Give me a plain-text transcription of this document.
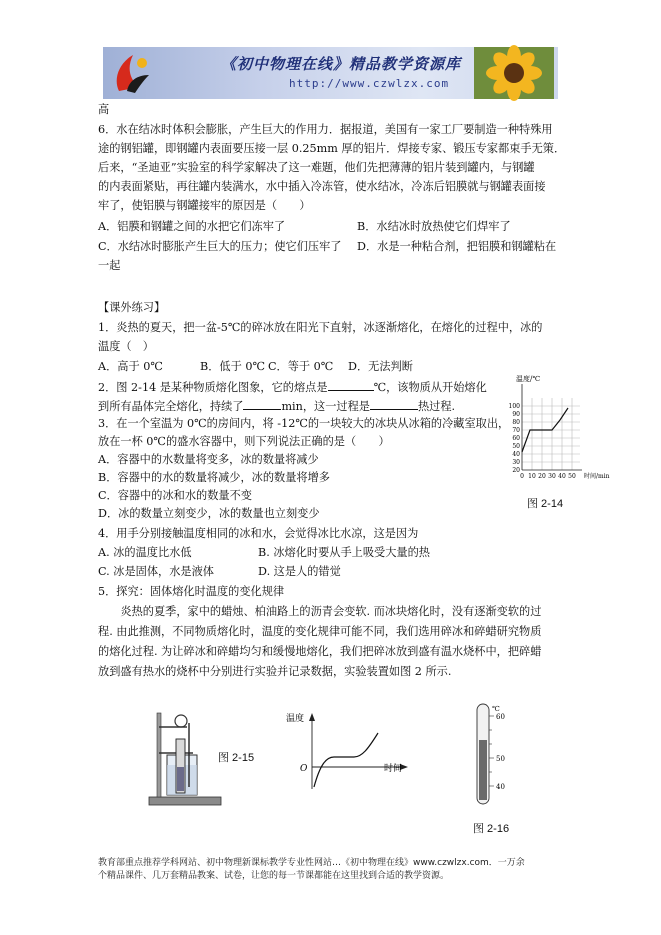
《初中物理在线》精品教学资源库
http://www.czwlzx.com
高
6．水在结冰时体积会膨胀，产生巨大的作用力．据报道，美国有一家工厂要制造一种特殊用
途的钢铝罐，即钢罐内表面要压接一层 0.25mm 厚的铝片．焊接专家、锻压专家都束手无策．
后来，“圣迪亚”实验室的科学家解决了这一难题，他们先把薄薄的铝片装到罐内，与钢罐
的内表面紧贴，再往罐内装满水，水中插入冷冻管，使水结冰，冷冻后铝膜就与钢罐表面接
牢了，使铝膜与钢罐接牢的原因是（　　）
A．铝膜和钢罐之间的水把它们冻牢了	B．水结冰时放热使它们焊牢了
C．水结冰时膨胀产生巨大的压力；使它们压牢了 D．水是一种粘合剂，把铝膜和钢罐粘在
一起
【课外练习】
1．炎热的夏天，把一盆-5℃的碎冰放在阳光下直射，冰逐渐熔化，在熔化的过程中，冰的
温度（　）
A．高于 0℃	B．低于 0℃ C．等于 0℃ D．无法判断
2．图 2-14 是某种物质熔化图象，它的熔点是	℃，该物质从开始熔化
到所有晶体完全熔化，持续了	min，这一过程是	热过程.
3．在一个室温为 0℃的房间内，将 -12℃的一块较大的冰块从冰箱的冷藏室取出，
放在一杯 0℃的盛水容器中，则下列说法正确的是（　　）
A．容器中的水数量将变多，冰的数量将减少
B．容器中的水的数量将减少，冰的数量将增多
C．容器中的冰和水的数量不变
D．冰的数量立刻变少，冰的数量也立刻变少
4．用手分别接触温度相同的冰和水，会觉得冰比水凉，这是因为
A. 冰的温度比水低	B. 冰熔化时要从手上吸受大量的热
C. 冰是固体，水是液体	D. 这是人的错觉
5．探究：固体熔化时温度的变化规律
　　炎热的夏季，家中的蜡烛、柏油路上的沥青会变软. 而冰块熔化时，没有逐渐变软的过
程. 由此推测，不同物质熔化时，温度的变化规律可能不同，我们选用碎冰和碎蜡研究物质
的熔化过程. 为让碎冰和碎蜡均匀和缓慢地熔化，我们把碎冰放到盛有温水烧杯中，把碎蜡
放到盛有热水的烧杯中分别进行实验并记录数据，实验装置如图 2 所示.
温度/℃
100
90
80
70
60
50
40
30
20
0 10 20 30 40 50 时间/min
图 2-14
图 2-15
温度
O	时间
℃
60
50
40
图 2-16
教育部重点推荐学科网站、初中物理新课标教学专业性网站…《初中物理在线》www.czwlzx.com．一万余
个精品课件、几万套精品教案、试卷，让您的每一节课都能在这里找到合适的教学资源。
